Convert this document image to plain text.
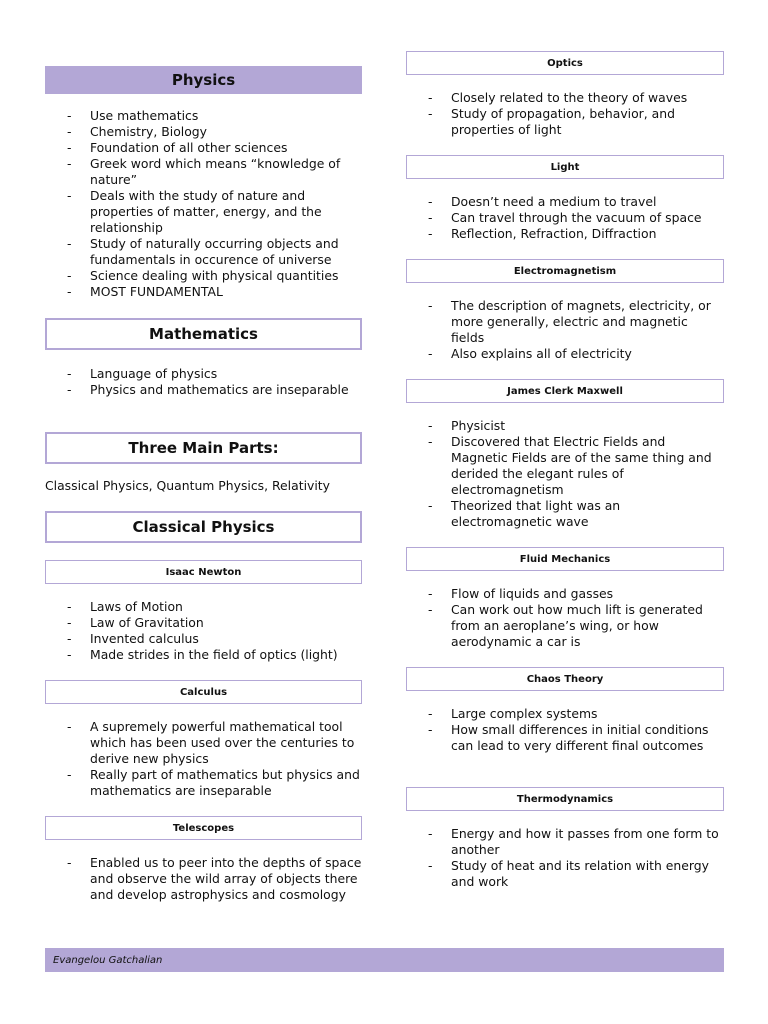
Physics
- Use mathematics
- Chemistry, Biology
- Foundation of all other sciences
- Greek word which means “knowledge of nature”
- Deals with the study of nature and properties of matter, energy, and the relationship
- Study of naturally occurring objects and fundamentals in occurence of universe
- Science dealing with physical quantities
- MOST FUNDAMENTAL
Mathematics
- Language of physics
- Physics and mathematics are inseparable
Three Main Parts:
Classical Physics, Quantum Physics, Relativity
Classical Physics
Isaac Newton
- Laws of Motion
- Law of Gravitation
- Invented calculus
- Made strides in the field of optics (light)
Calculus
- A supremely powerful mathematical tool which has been used over the centuries to derive new physics
- Really part of mathematics but physics and mathematics are inseparable
Telescopes
- Enabled us to peer into the depths of space and observe the wild array of objects there and develop astrophysics and cosmology
Optics
- Closely related to the theory of waves
- Study of propagation, behavior, and properties of light
Light
- Doesn’t need a medium to travel
- Can travel through the vacuum of space
- Reflection, Refraction, Diffraction
Electromagnetism
- The description of magnets, electricity, or more generally, electric and magnetic fields
- Also explains all of electricity
James Clerk Maxwell
- Physicist
- Discovered that Electric Fields and Magnetic Fields are of the same thing and derided the elegant rules of electromagnetism
- Theorized that light was an electromagnetic wave
Fluid Mechanics
- Flow of liquids and gasses
- Can work out how much lift is generated from an aeroplane’s wing, or how aerodynamic a car is
Chaos Theory
- Large complex systems
- How small differences in initial conditions can lead to very different final outcomes
Thermodynamics
- Energy and how it passes from one form to another
- Study of heat and its relation with energy and work
Evangelou Gatchalian
